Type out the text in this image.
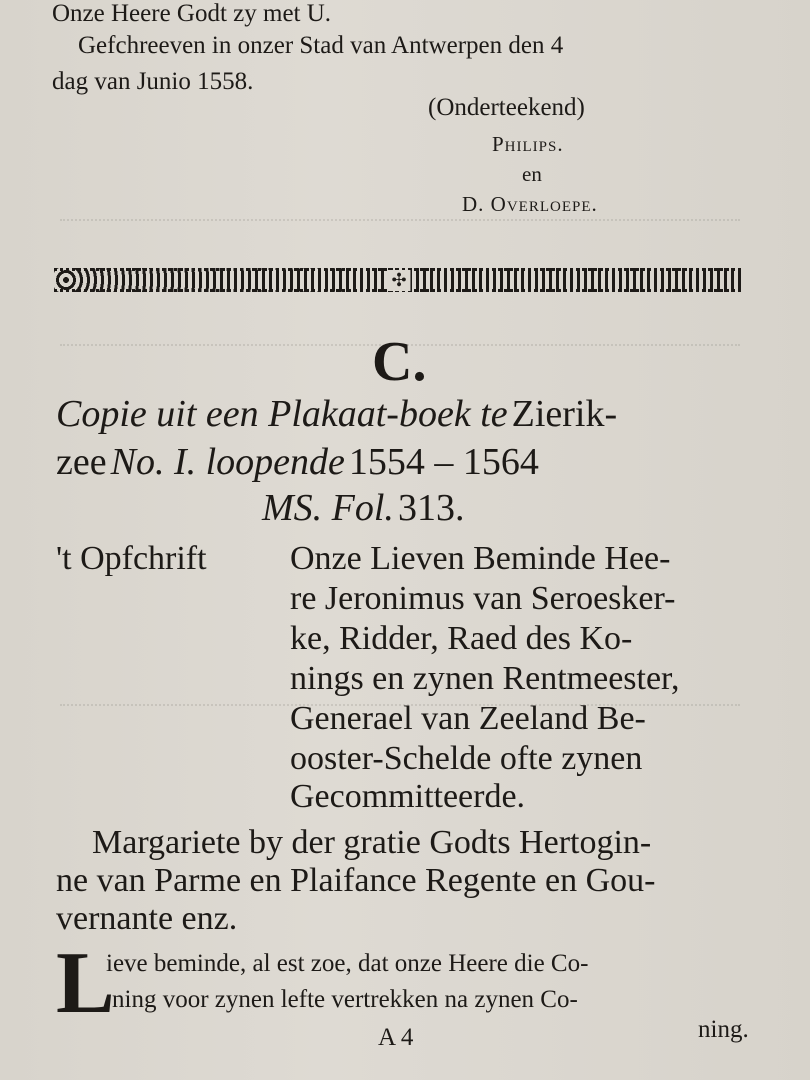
Onze Heere Godt zy met U.
Gefchreeven in onzer Stad van Antwerpen den 4
dag van Junio 1558.
(Onderteekend)
Philips.
en
D. Overloepe.
✣
C.
Copie uit een Plakaat-boek te Zierik-
zee No. I. loopende 1554 – 1564
MS. Fol. 313.
't Opfchrift Onze Lieven Beminde Hee-
re Jeronimus van Seroesker-
ke, Ridder, Raed des Ko-
nings en zynen Rentmeester,
Generael van Zeeland Be-
ooster-Schelde ofte zynen
Gecommitteerde.
Margariete by der gratie Godts Hertogin-
ne van Parme en Plaifance Regente en Gou-
vernante enz.
L
ieve beminde, al est zoe, dat onze Heere die Co-
ning voor zynen lefte vertrekken na zynen Co-
A 4	ning.
